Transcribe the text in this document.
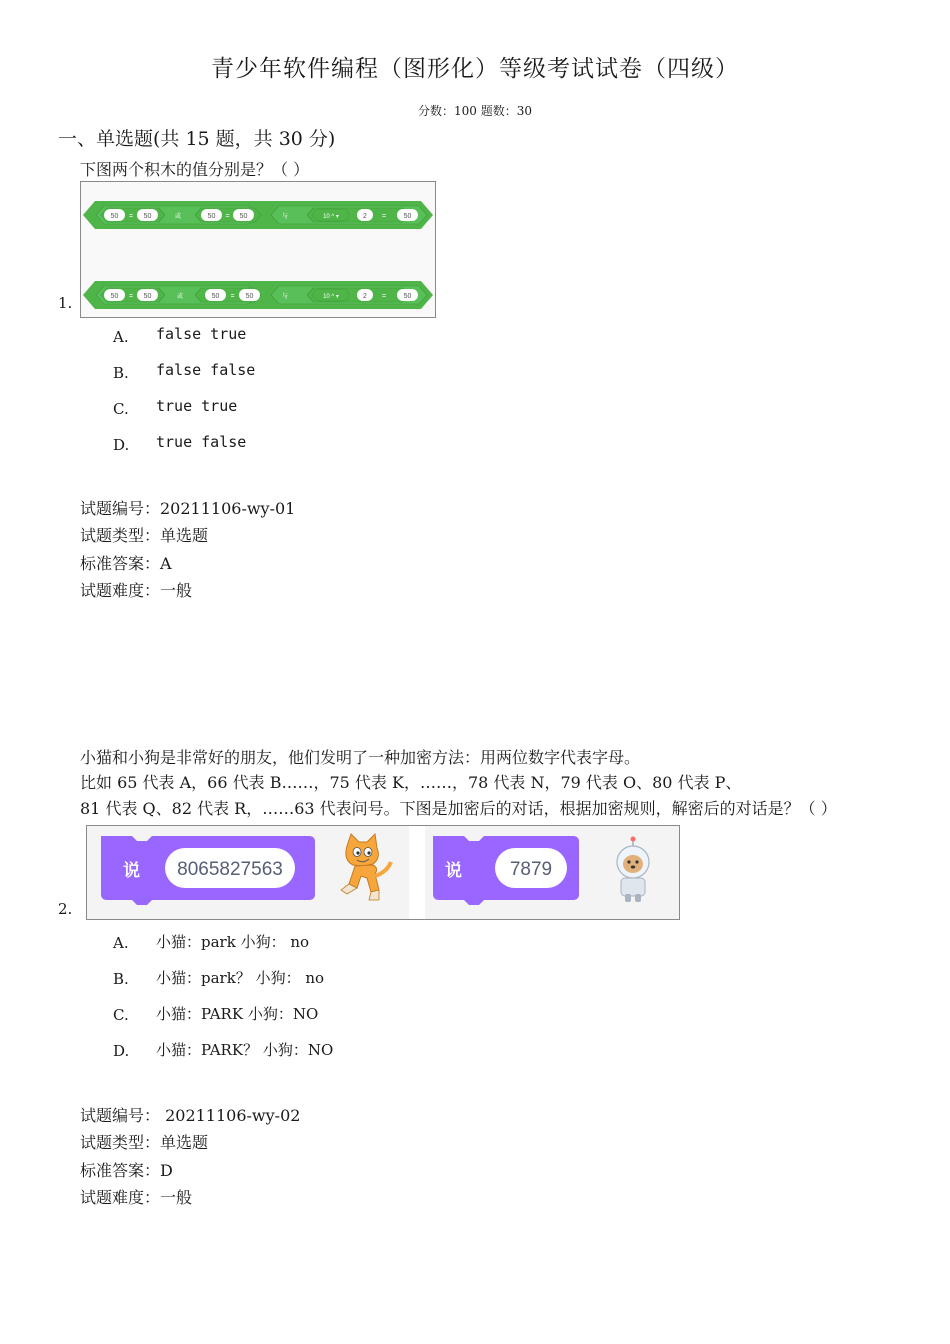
青少年软件编程（图形化）等级考试试卷（四级）
分数：100 题数：30
一、单选题(共 15 题，共 30 分)
下图两个积木的值分别是？（ ）
1.
50 = 50	或	50 = 50	与	10 ^ ▾	2 =	50
50 = 50	或	50 = 50	与	10 ^ ▾	2 =	50
A. false true
B. false false
C. true true
D. true false
试题编号：20211106-wy-01
试题类型：单选题
标准答案：A
试题难度：一般
小猫和小狗是非常好的朋友，他们发明了一种加密方法：用两位数字代表字母。
比如 65 代表 A，66 代表 B……，75 代表 K，……，78 代表 N，79 代表 O、80 代表 P、
81 代表 Q、82 代表 R，……63 代表问号。下图是加密后的对话，根据加密规则，解密后的对话是？（ ）
2.
说 8065827563	说	7879
A. 小猫：park 小狗： no
B. 小猫：park？ 小狗： no
C. 小猫：PARK 小狗：NO
D. 小猫：PARK？ 小狗：NO
试题编号： 20211106-wy-02
试题类型：单选题
标准答案：D
试题难度：一般
